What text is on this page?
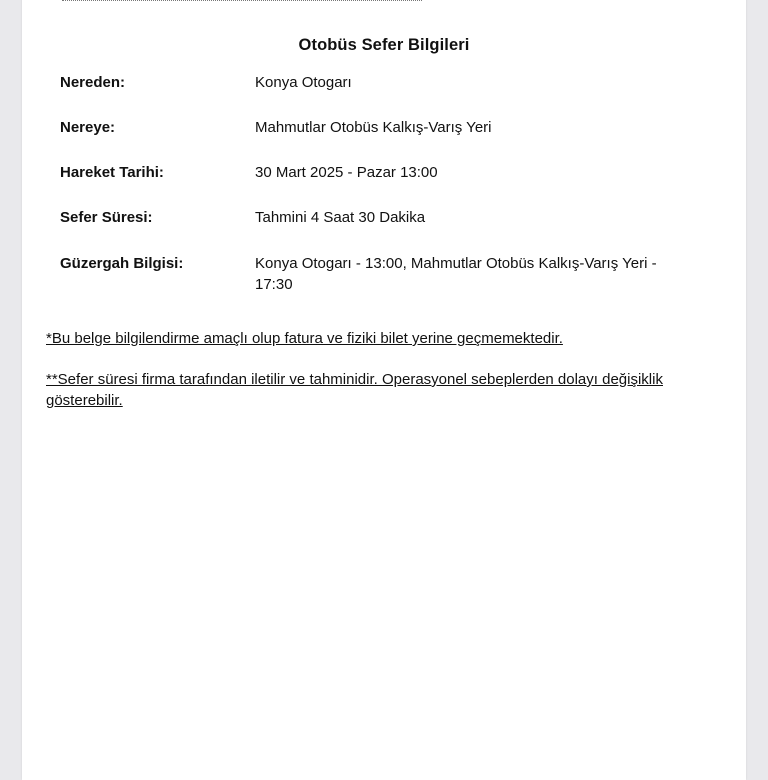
Otobüs Sefer Bilgileri
Nereden:	Konya Otogarı
Nereye:	Mahmutlar Otobüs Kalkış-Varış Yeri
Hareket Tarihi:	30 Mart 2025 - Pazar 13:00
Sefer Süresi:	Tahmini 4 Saat 30 Dakika
Güzergah Bilgisi:	Konya Otogarı - 13:00, Mahmutlar Otobüs Kalkış-Varış Yeri - 17:30
*Bu belge bilgilendirme amaçlı olup fatura ve fiziki bilet yerine geçmemektedir.
**Sefer süresi firma tarafından iletilir ve tahminidir. Operasyonel sebeplerden dolayı değişiklik gösterebilir.
